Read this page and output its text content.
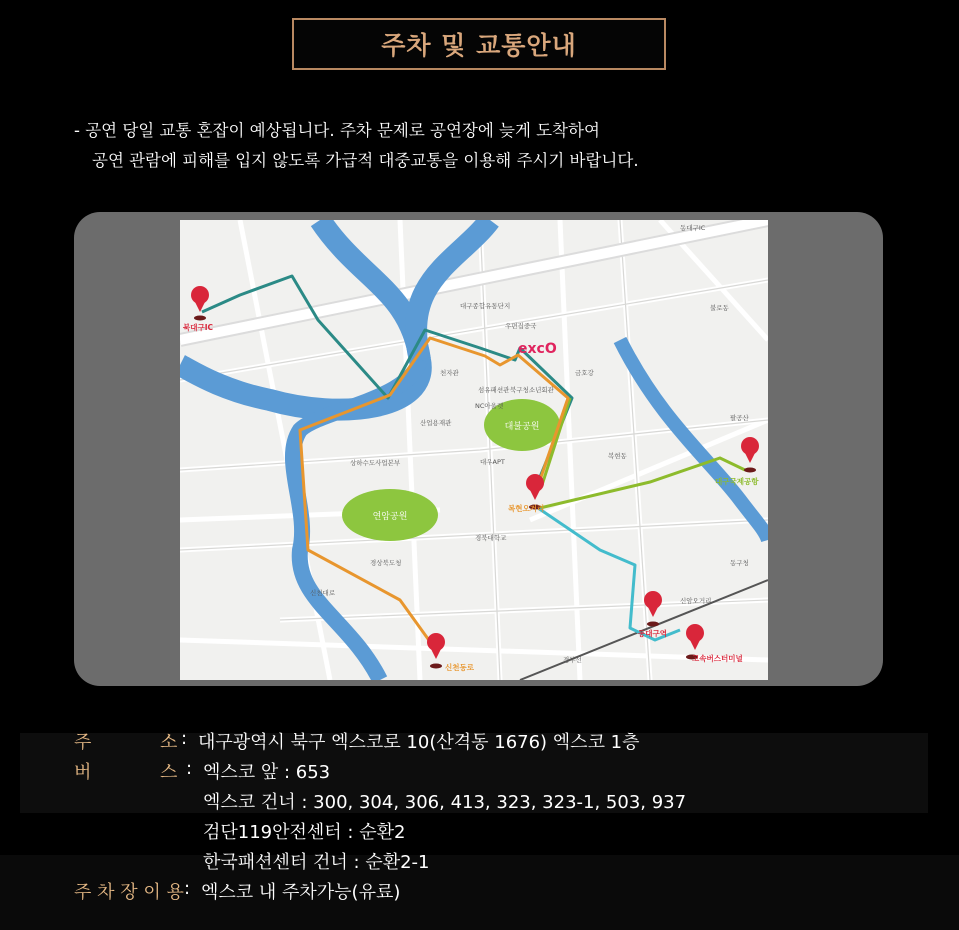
주차 및 교통안내
- 공연 당일 교통 혼잡이 예상됩니다. 주차 문제로 공연장에 늦게 도착하여
공연 관람에 피해를 입지 않도록 가급적 대중교통을 이용해 주시기 바랍니다.
대불공원
연암공원
동대구IC
경북대학교
경상북도청
상하수도사업본부
산업용재관
천자관
섬유패션관
NC아울렛
북구청소년회관
대우APT
복현동
우편집중국
불로동
동구청
팔공산
신암오거리
금호강
신천대로
경부선
대구종합유통단지
excO
북대구IC
복현오거리
대구국제공항
동대구역
고속버스터미널
신천동로
주	소 : 대구광역시 북구 엑스코로 10(산격동 1676) 엑스코 1층
버	스 : 엑스코 앞 : 653
엑스코 건너 : 300, 304, 306, 413, 323, 323-1, 503, 937
검단119안전센터 : 순환2
한국패션센터 건너 : 순환2-1
주 차 장 이 용 : 엑스코 내 주차가능(유료)
